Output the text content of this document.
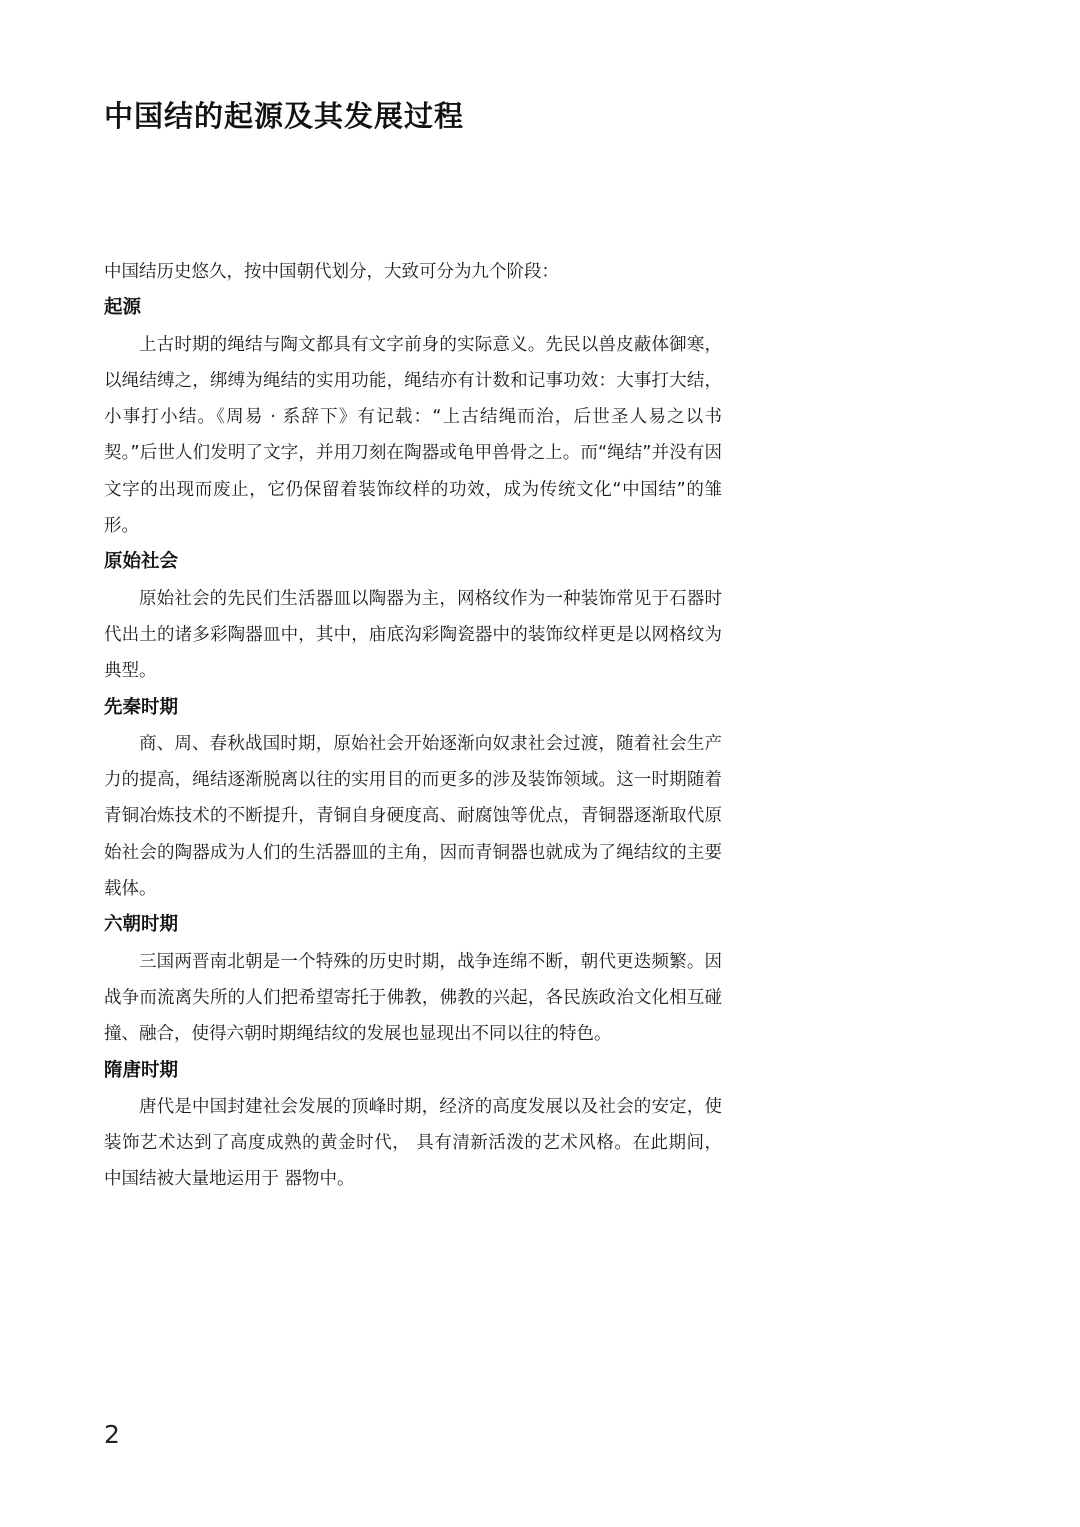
中国结的起源及其发展过程

中国结历史悠久，按中国朝代划分，大致可分为九个阶段：

起源

上古时期的绳结与陶文都具有文字前身的实际意义。先民以兽皮蔽体御寒，以绳结缚之，绑缚为绳结的实用功能，绳结亦有计数和记事功效：大事打大结，小事打小结。《周易 · 系辞下》有记载：“上古结绳而治，后世圣人易之以书契。”后世人们发明了文字，并用刀刻在陶器或龟甲兽骨之上。而“绳结”并没有因文字的出现而废止，它仍保留着装饰纹样的功效，成为传统文化“中国结”的雏形。

原始社会

原始社会的先民们生活器皿以陶器为主，网格纹作为一种装饰常见于石器时代出土的诸多彩陶器皿中，其中，庙底沟彩陶瓷器中的装饰纹样更是以网格纹为典型。

先秦时期

商、周、春秋战国时期，原始社会开始逐渐向奴隶社会过渡，随着社会生产力的提高，绳结逐渐脱离以往的实用目的而更多的涉及装饰领域。这一时期随着青铜冶炼技术的不断提升，青铜自身硬度高、耐腐蚀等优点，青铜器逐渐取代原始社会的陶器成为人们的生活器皿的主角，因而青铜器也就成为了绳结纹的主要载体。

六朝时期

三国两晋南北朝是一个特殊的历史时期，战争连绵不断，朝代更迭频繁。因战争而流离失所的人们把希望寄托于佛教，佛教的兴起，各民族政治文化相互碰撞、融合，使得六朝时期绳结纹的发展也显现出不同以往的特色。

隋唐时期

唐代是中国封建社会发展的顶峰时期，经济的高度发展以及社会的安定，使装饰艺术达到了高度成熟的黄金时代， 具有清新活泼的艺术风格。在此期间，中国结被大量地运用于 器物中。

2
